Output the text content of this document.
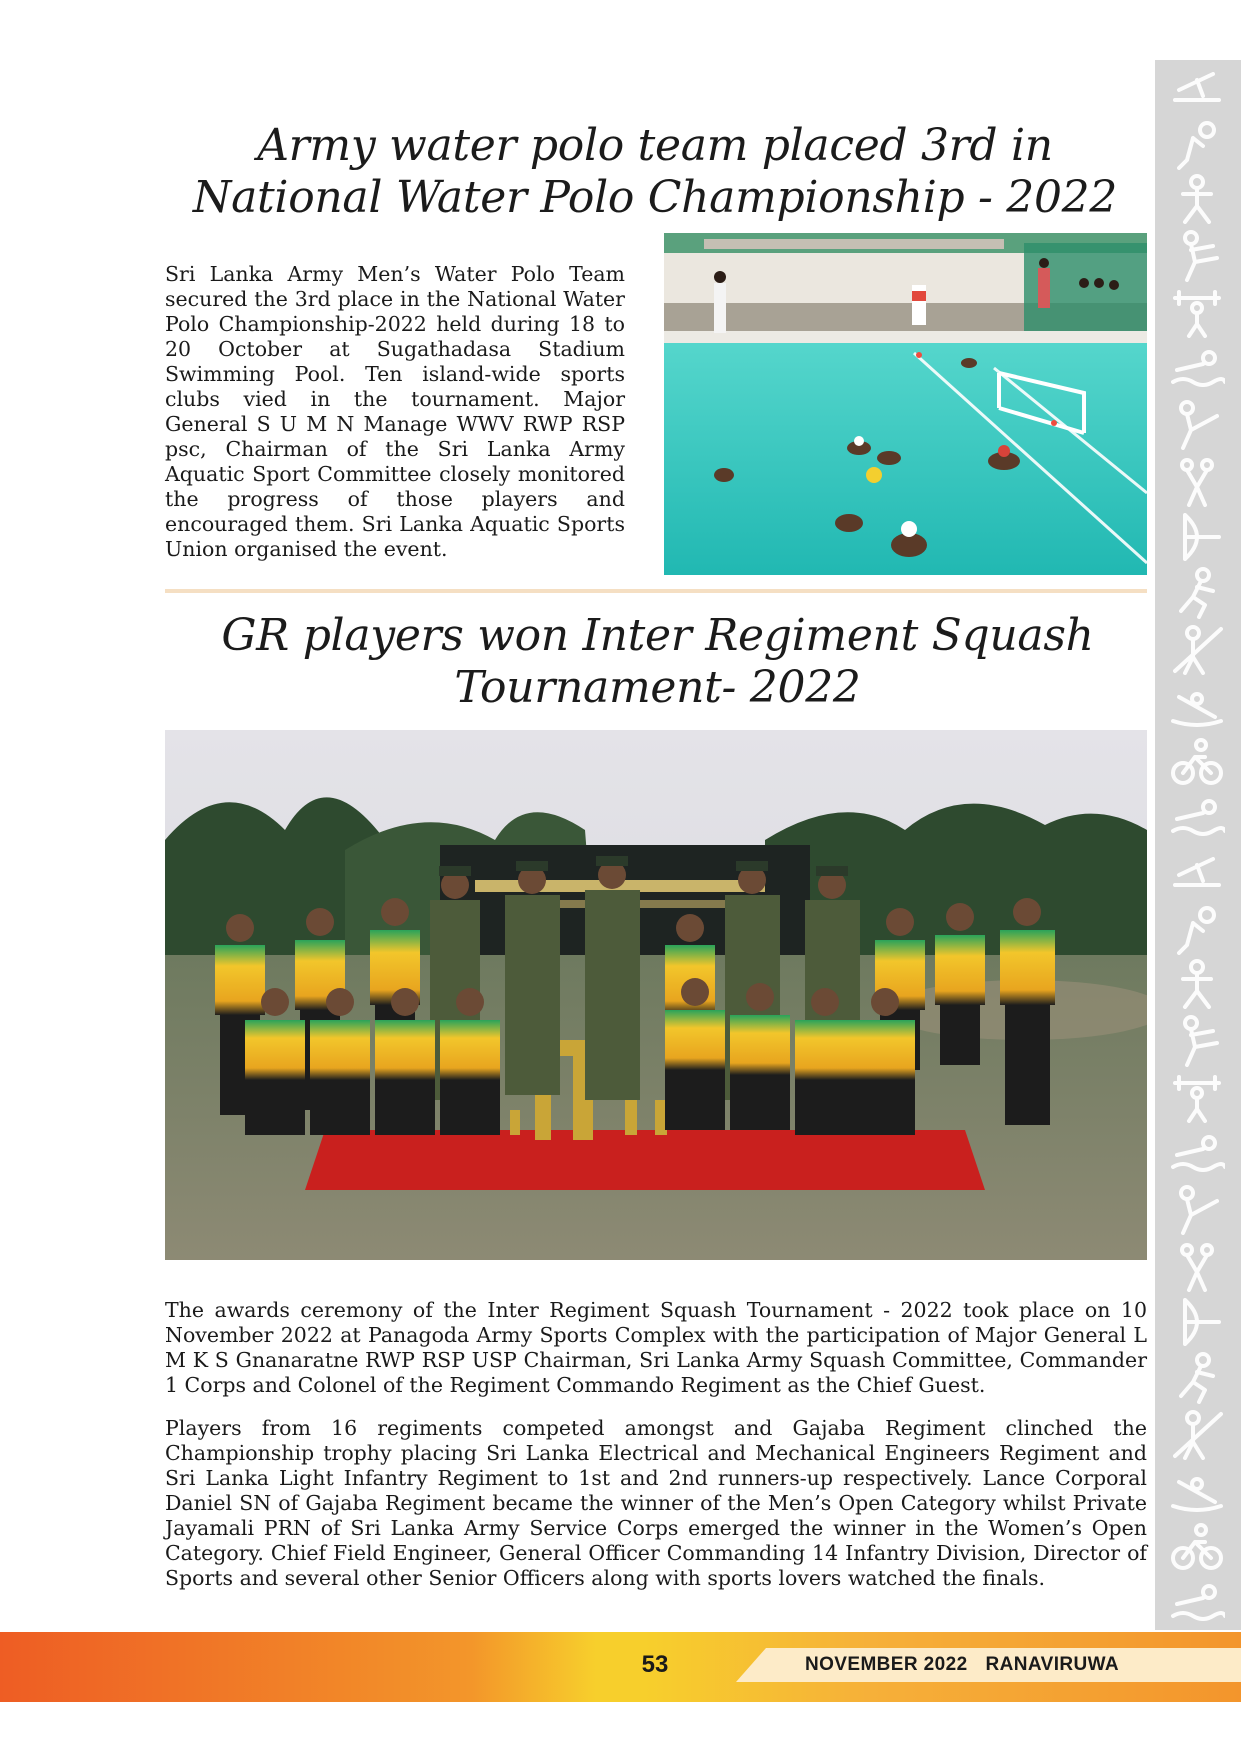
Army water polo team placed 3rd in National Water Polo Championship - 2022

Sri Lanka Army Men’s Water Polo Team secured the 3rd place in the National Water Polo Championship-2022 held during 18 to 20 October at Sugathadasa Stadium Swimming Pool. Ten island-wide sports clubs vied in the tournament. Major General S U M N Manage WWV RWP RSP psc, Chairman of the Sri Lanka Army Aquatic Sport Committee closely monitored the progress of those players and encouraged them. Sri Lanka Aquatic Sports Union organised the event.

GR players won Inter Regiment Squash Tournament- 2022

The awards ceremony of the Inter Regiment Squash Tournament - 2022 took place on 10 November 2022 at Panagoda Army Sports Complex with the participation of Major General L M K S Gnanaratne RWP RSP USP Chairman, Sri Lanka Army Squash Committee, Commander 1 Corps and Colonel of the Regiment Commando Regiment as the Chief Guest.

Players from 16 regiments competed amongst and Gajaba Regiment clinched the Championship trophy placing Sri Lanka Electrical and Mechanical Engineers Regiment and Sri Lanka Light Infantry Regiment to 1st and 2nd runners-up respectively. Lance Corporal Daniel SN of Gajaba Regiment became the winner of the Men’s Open Category whilst Private Jayamali PRN of Sri Lanka Army Service Corps emerged the winner in the Women’s Open Category. Chief Field Engineer, General Officer Commanding 14 Infantry Division, Director of Sports and several other Senior Officers along with sports lovers watched the finals.

53	NOVEMBER 2022 RANAVIRUWA
